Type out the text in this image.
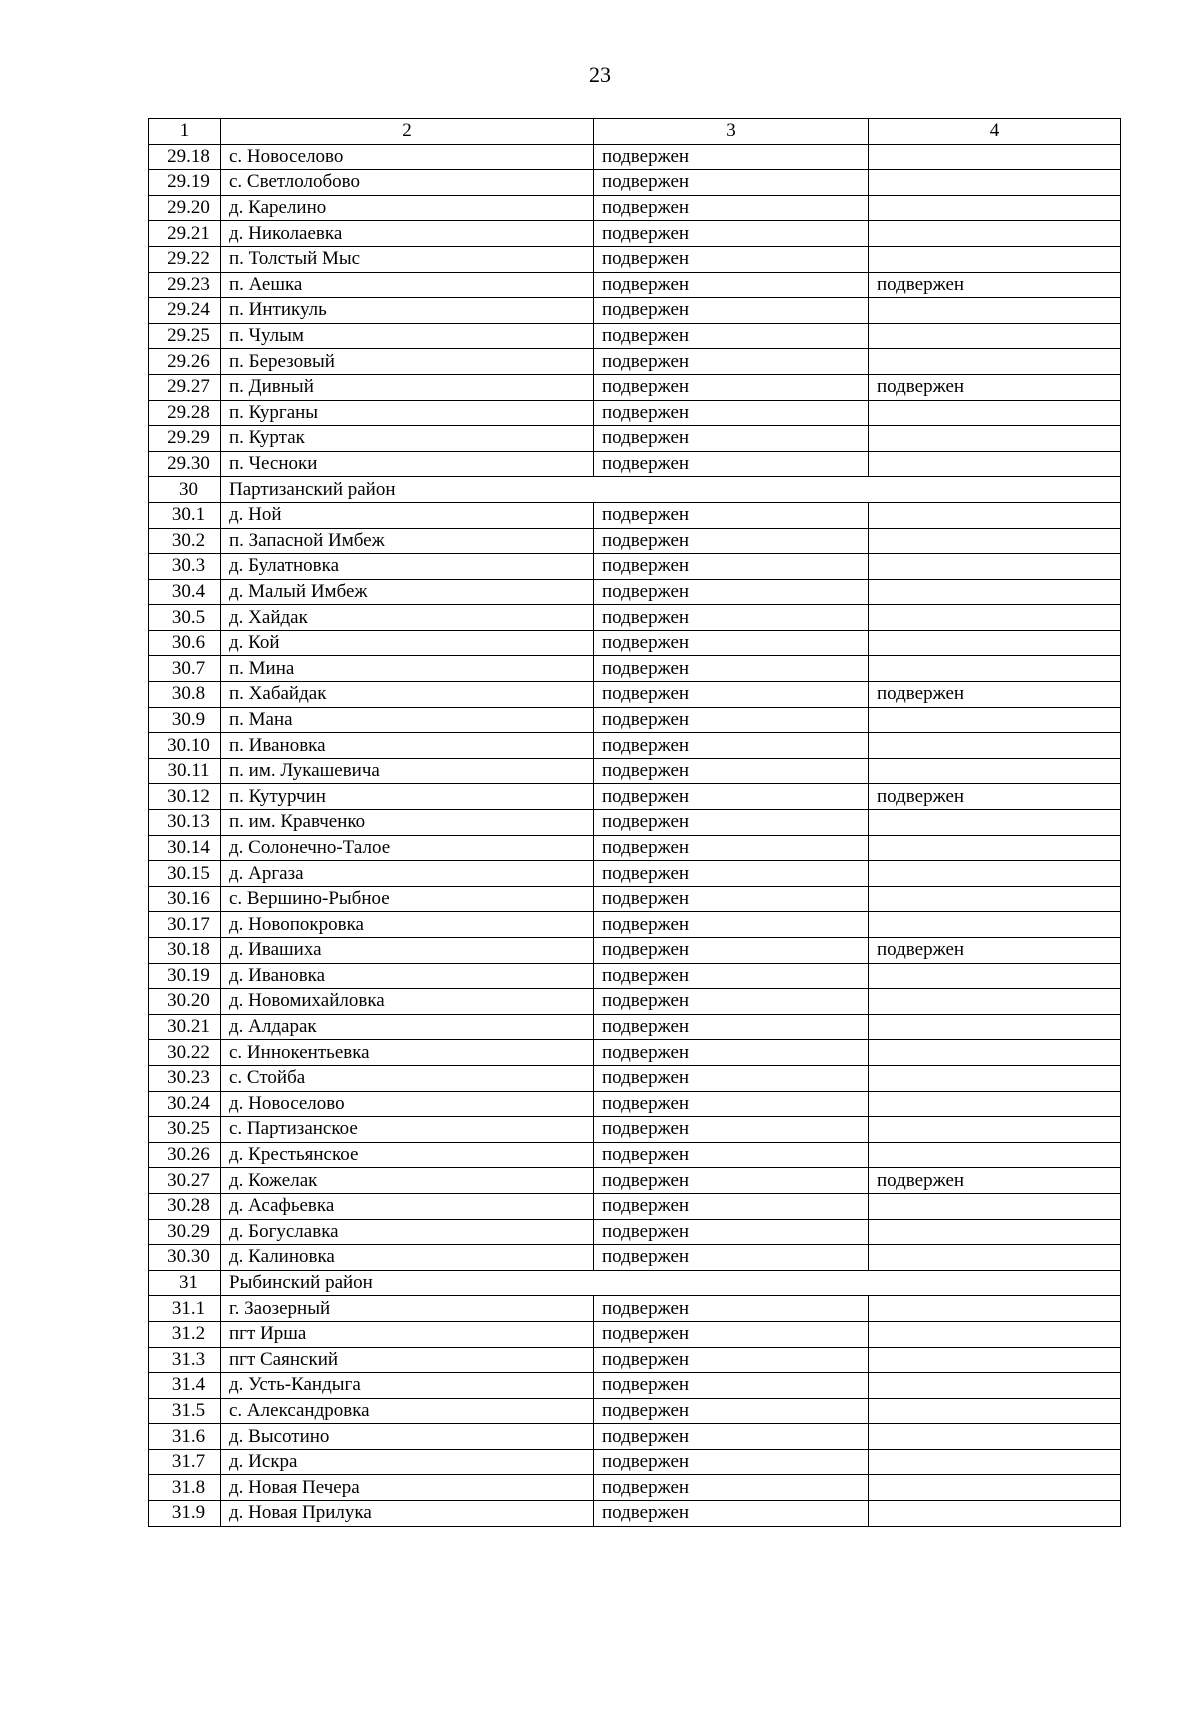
23
1	2	3	4
29.18	с. Новоселово	подвержен	
29.19	с. Светлолобово	подвержен	
29.20	д. Карелино	подвержен	
29.21	д. Николаевка	подвержен	
29.22	п. Толстый Мыс	подвержен	
29.23	п. Аешка	подвержен	подвержен
29.24	п. Интикуль	подвержен	
29.25	п. Чулым	подвержен	
29.26	п. Березовый	подвержен	
29.27	п. Дивный	подвержен	подвержен
29.28	п. Курганы	подвержен	
29.29	п. Куртак	подвержен	
29.30	п. Чесноки	подвержен	
30	Партизанский район		
30.1	д. Ной	подвержен	
30.2	п. Запасной Имбеж	подвержен	
30.3	д. Булатновка	подвержен	
30.4	д. Малый Имбеж	подвержен	
30.5	д. Хайдак	подвержен	
30.6	д. Кой	подвержен	
30.7	п. Мина	подвержен	
30.8	п. Хабайдак	подвержен	подвержен
30.9	п. Мана	подвержен	
30.10	п. Ивановка	подвержен	
30.11	п. им. Лукашевича	подвержен	
30.12	п. Кутурчин	подвержен	подвержен
30.13	п. им. Кравченко	подвержен	
30.14	д. Солонечно-Талое	подвержен	
30.15	д. Аргаза	подвержен	
30.16	с. Вершино-Рыбное	подвержен	
30.17	д. Новопокровка	подвержен	
30.18	д. Ивашиха	подвержен	подвержен
30.19	д. Ивановка	подвержен	
30.20	д. Новомихайловка	подвержен	
30.21	д. Алдарак	подвержен	
30.22	с. Иннокентьевка	подвержен	
30.23	с. Стойба	подвержен	
30.24	д. Новоселово	подвержен	
30.25	с. Партизанское	подвержен	
30.26	д. Крестьянское	подвержен	
30.27	д. Кожелак	подвержен	подвержен
30.28	д. Асафьевка	подвержен	
30.29	д. Богуславка	подвержен	
30.30	д. Калиновка	подвержен	
31	Рыбинский район		
31.1	г. Заозерный	подвержен	
31.2	пгт Ирша	подвержен	
31.3	пгт Саянский	подвержен	
31.4	д. Усть-Кандыга	подвержен	
31.5	с. Александровка	подвержен	
31.6	д. Высотино	подвержен	
31.7	д. Искра	подвержен	
31.8	д. Новая Печера	подвержен	
31.9	д. Новая Прилука	подвержен	
